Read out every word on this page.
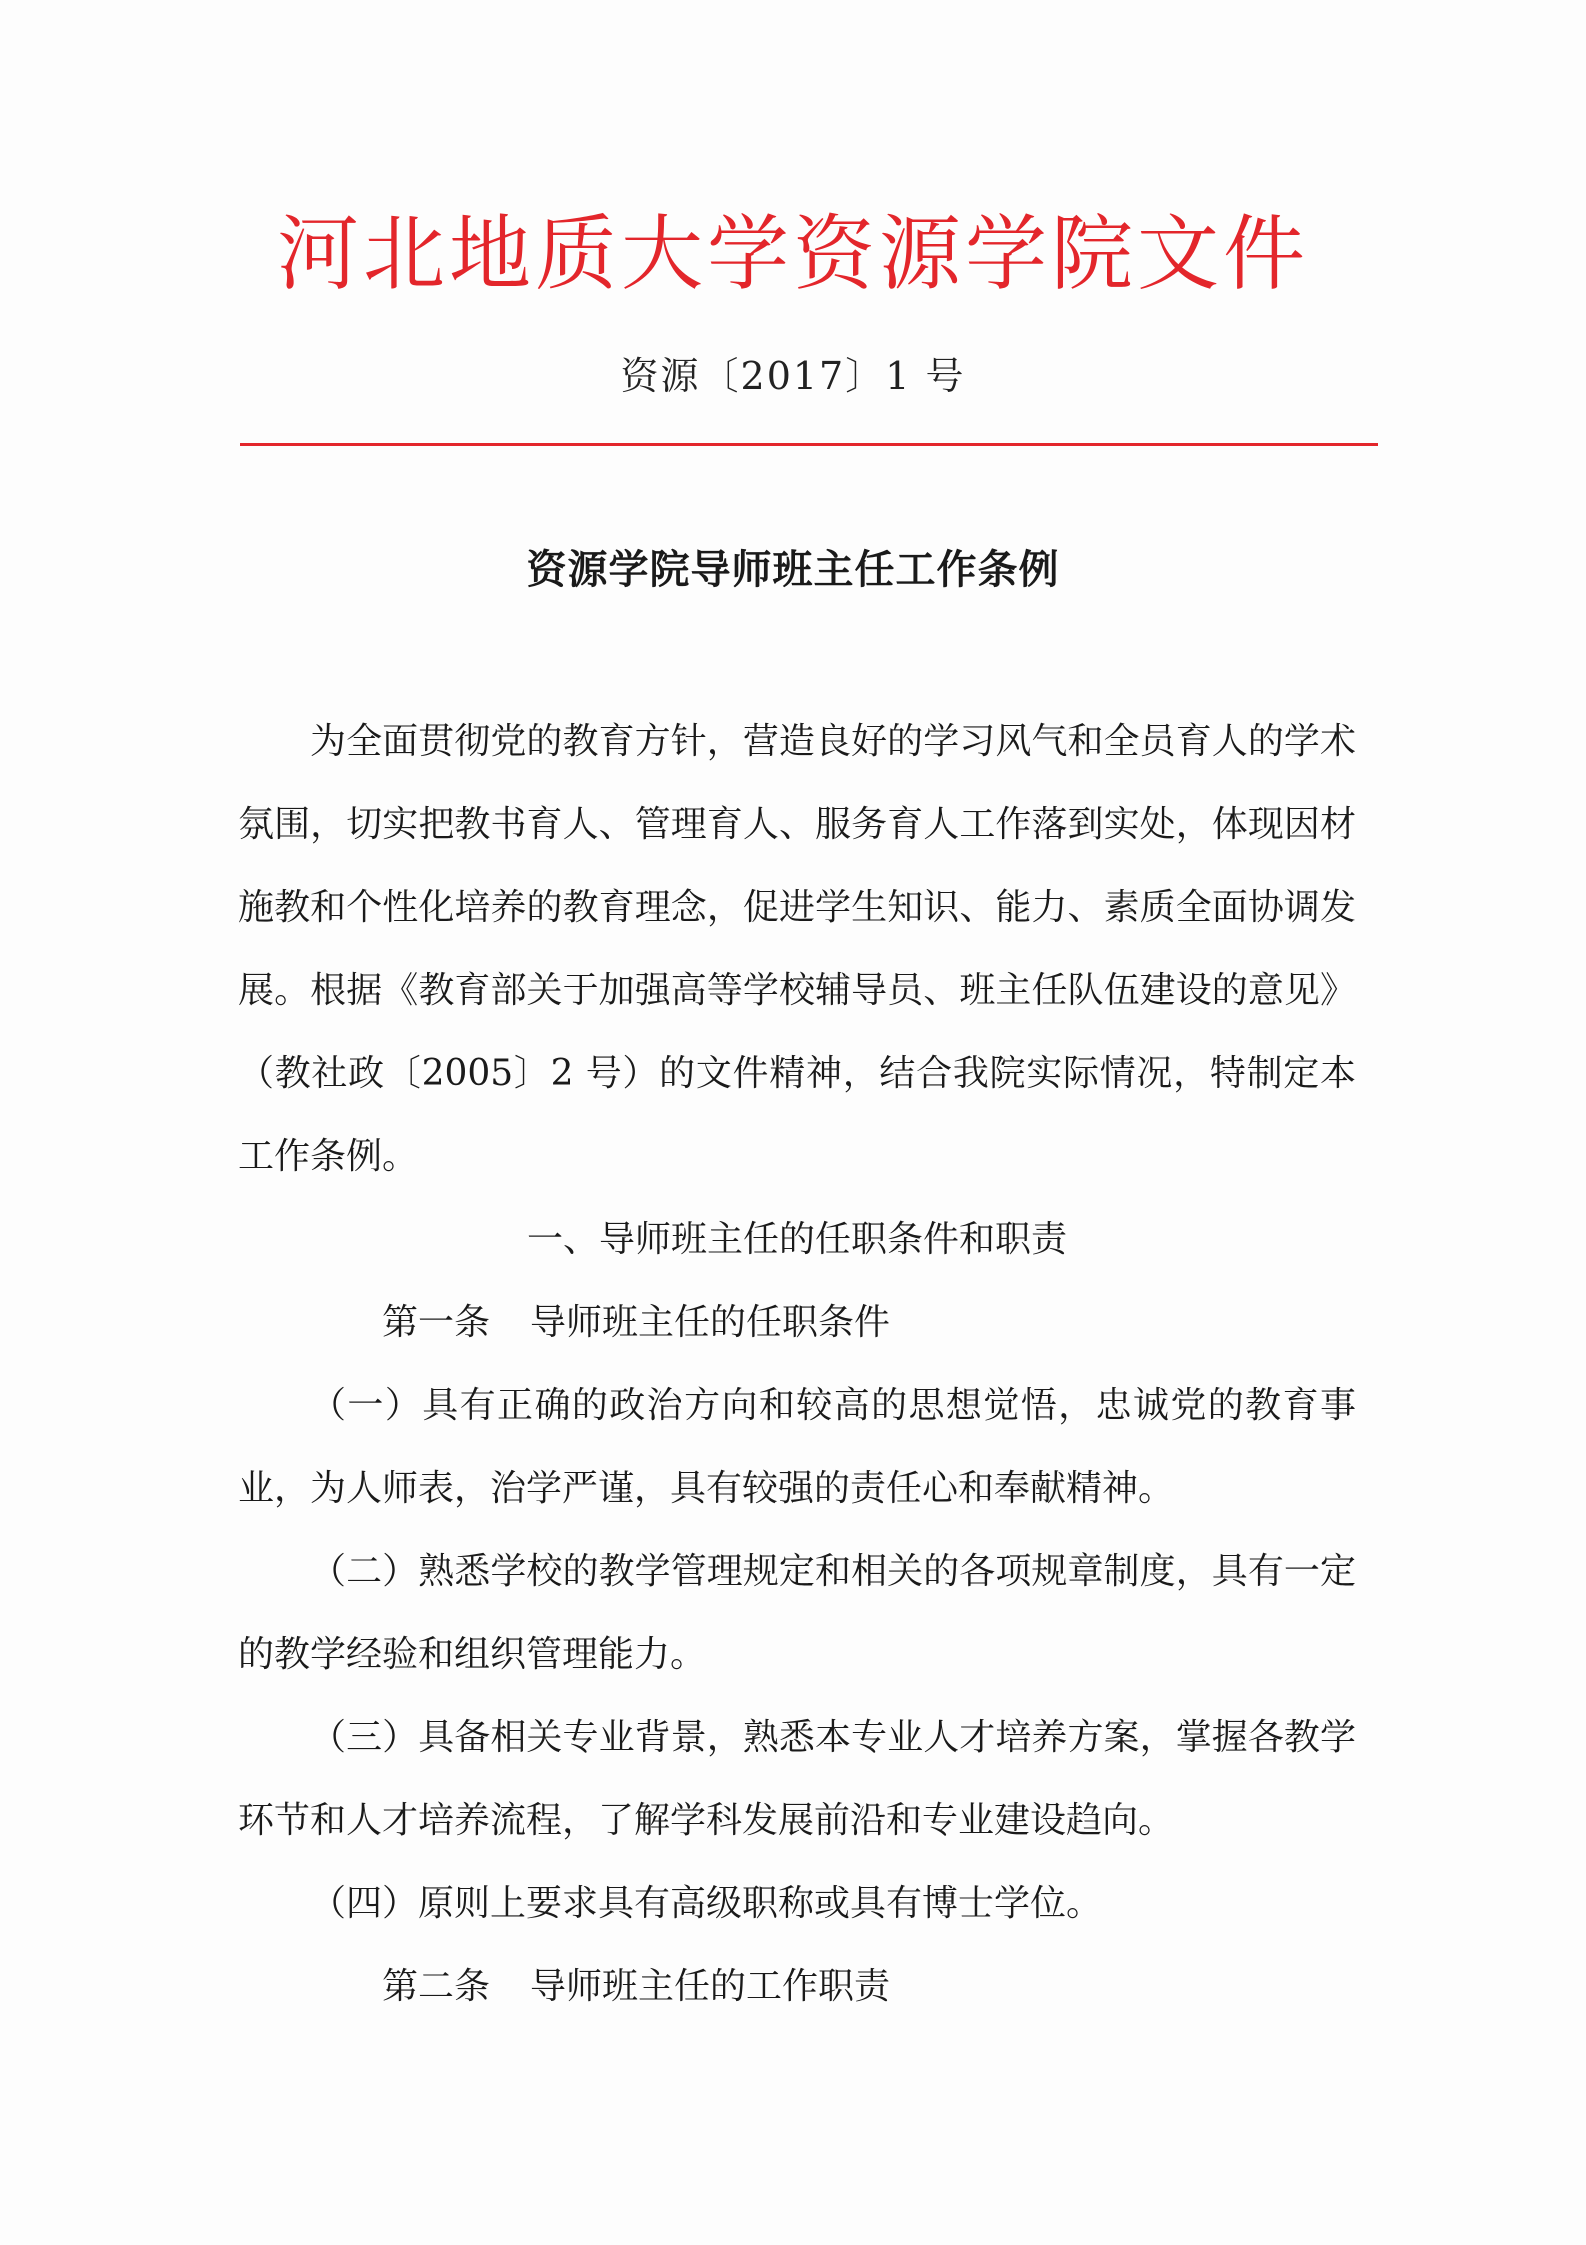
河北地质大学资源学院文件
资源〔2017〕1 号
资源学院导师班主任工作条例

为全面贯彻党的教育方针，营造良好的学习风气和全员育人的学术氛围，切实把教书育人、管理育人、服务育人工作落到实处，体现因材施教和个性化培养的教育理念，促进学生知识、能力、素质全面协调发展。根据《教育部关于加强高等学校辅导员、班主任队伍建设的意见》（教社政〔2005〕2 号）的文件精神，结合我院实际情况，特制定本工作条例。

一、导师班主任的任职条件和职责

第一条 导师班主任的任职条件

（一）具有正确的政治方向和较高的思想觉悟，忠诚党的教育事业，为人师表，治学严谨，具有较强的责任心和奉献精神。

（二）熟悉学校的教学管理规定和相关的各项规章制度，具有一定的教学经验和组织管理能力。

（三）具备相关专业背景，熟悉本专业人才培养方案，掌握各教学环节和人才培养流程，了解学科发展前沿和专业建设趋向。

（四）原则上要求具有高级职称或具有博士学位。

第二条 导师班主任的工作职责
